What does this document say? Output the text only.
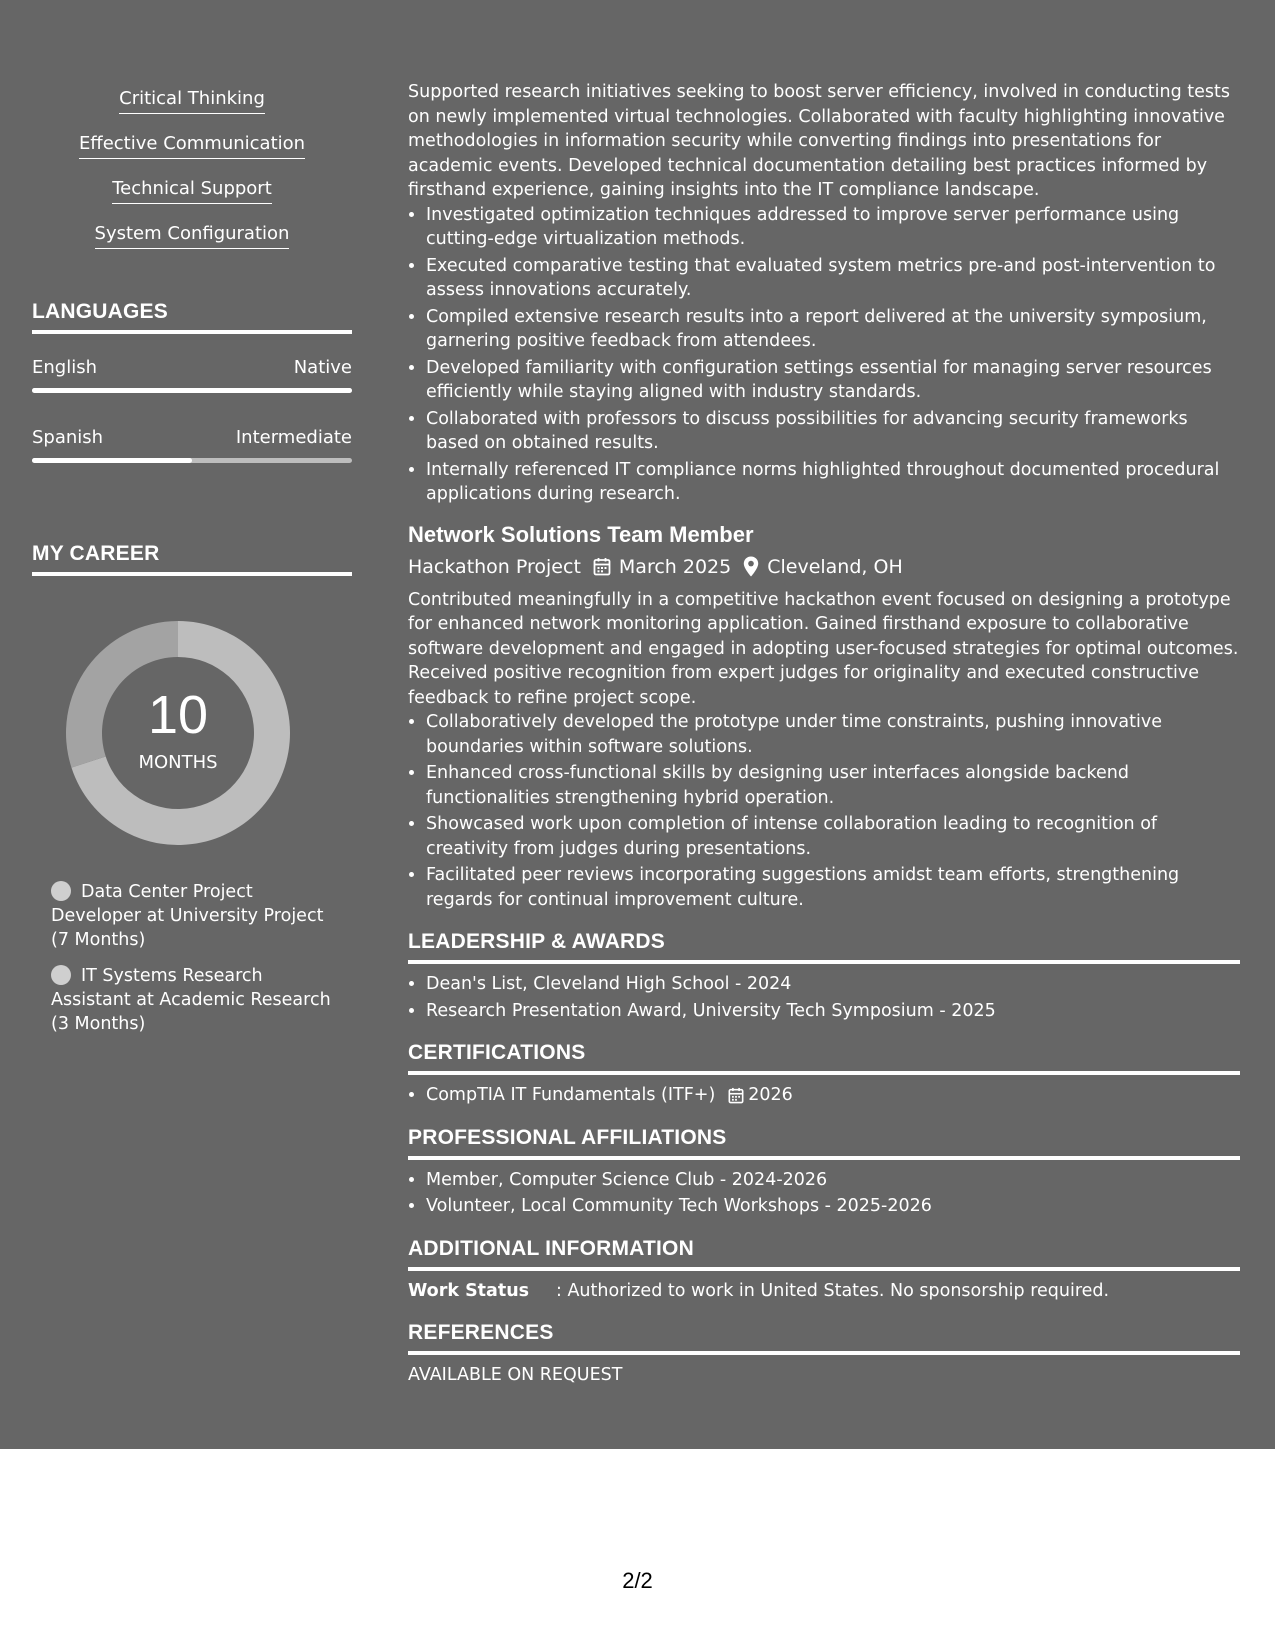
Critical Thinking
Effective Communication
Technical Support
System Configuration
LANGUAGES
English	Native
Spanish	Intermediate
MY CAREER
10
MONTHS
Data Center Project Developer at University Project (7 Months)
IT Systems Research Assistant at Academic Research (3 Months)

Supported research initiatives seeking to boost server efficiency, involved in conducting tests on newly implemented virtual technologies. Collaborated with faculty highlighting innovative methodologies in information security while converting findings into presentations for academic events. Developed technical documentation detailing best practices informed by firsthand experience, gaining insights into the IT compliance landscape.

• Investigated optimization techniques addressed to improve server performance using cutting-edge virtualization methods.
• Executed comparative testing that evaluated system metrics pre-and post-intervention to assess innovations accurately.
• Compiled extensive research results into a report delivered at the university symposium, garnering positive feedback from attendees.
• Developed familiarity with configuration settings essential for managing server resources efficiently while staying aligned with industry standards.
• Collaborated with professors to discuss possibilities for advancing security frameworks based on obtained results.
• Internally referenced IT compliance norms highlighted throughout documented procedural applications during research.
Network Solutions Team Member
Hackathon Project March 2025 Cleveland, OH

Contributed meaningfully in a competitive hackathon event focused on designing a prototype for enhanced network monitoring application. Gained firsthand exposure to collaborative software development and engaged in adopting user-focused strategies for optimal outcomes. Received positive recognition from expert judges for originality and executed constructive feedback to refine project scope.

• Collaboratively developed the prototype under time constraints, pushing innovative boundaries within software solutions.
• Enhanced cross-functional skills by designing user interfaces alongside backend functionalities strengthening hybrid operation.
• Showcased work upon completion of intense collaboration leading to recognition of creativity from judges during presentations.
• Facilitated peer reviews incorporating suggestions amidst team efforts, strengthening regards for continual improvement culture.
LEADERSHIP & AWARDS
• Dean's List, Cleveland High School - 2024
• Research Presentation Award, University Tech Symposium - 2025
CERTIFICATIONS
• CompTIA IT Fundamentals (ITF+) 2026
PROFESSIONAL AFFILIATIONS
• Member, Computer Science Club - 2024-2026
• Volunteer, Local Community Tech Workshops - 2025-2026
ADDITIONAL INFORMATION
Work Status	: Authorized to work in United States. No sponsorship required.
REFERENCES
AVAILABLE ON REQUEST
2/2
